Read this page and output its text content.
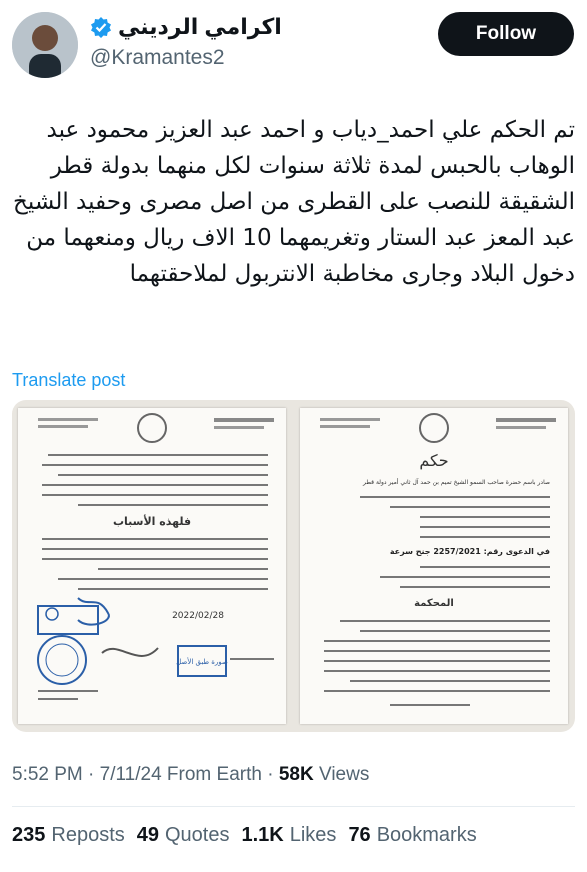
اكرامي الرديني
@Kramantes2
Follow
تم الحكم علي احمد_دياب و احمد عبد العزيز محمود عبد الوهاب بالحبس لمدة ثلاثة سنوات لكل منهما بدولة قطر الشقيقة للنصب على القطرى من اصل مصرى وحفيد الشيخ عبد المعز عبد الستار وتغريمهما 10 الاف ريال ومنعهما من دخول البلاد وجارى مخاطبة الانتربول لملاحقتهما
Translate post
فلهذه الأسباب
2022/02/28
صورة طبق الأصل
حكم
صادر باسم حضرة صاحب السمو الشيخ تميم بن حمد آل ثاني أمير دولة قطر
في الدعوى رقم: 2257/2021 جنح سرعة
المحكمة
5:52 PM · 7/11/24 From Earth · 58K Views
235 Reposts 49 Quotes 1.1K Likes 76 Bookmarks
